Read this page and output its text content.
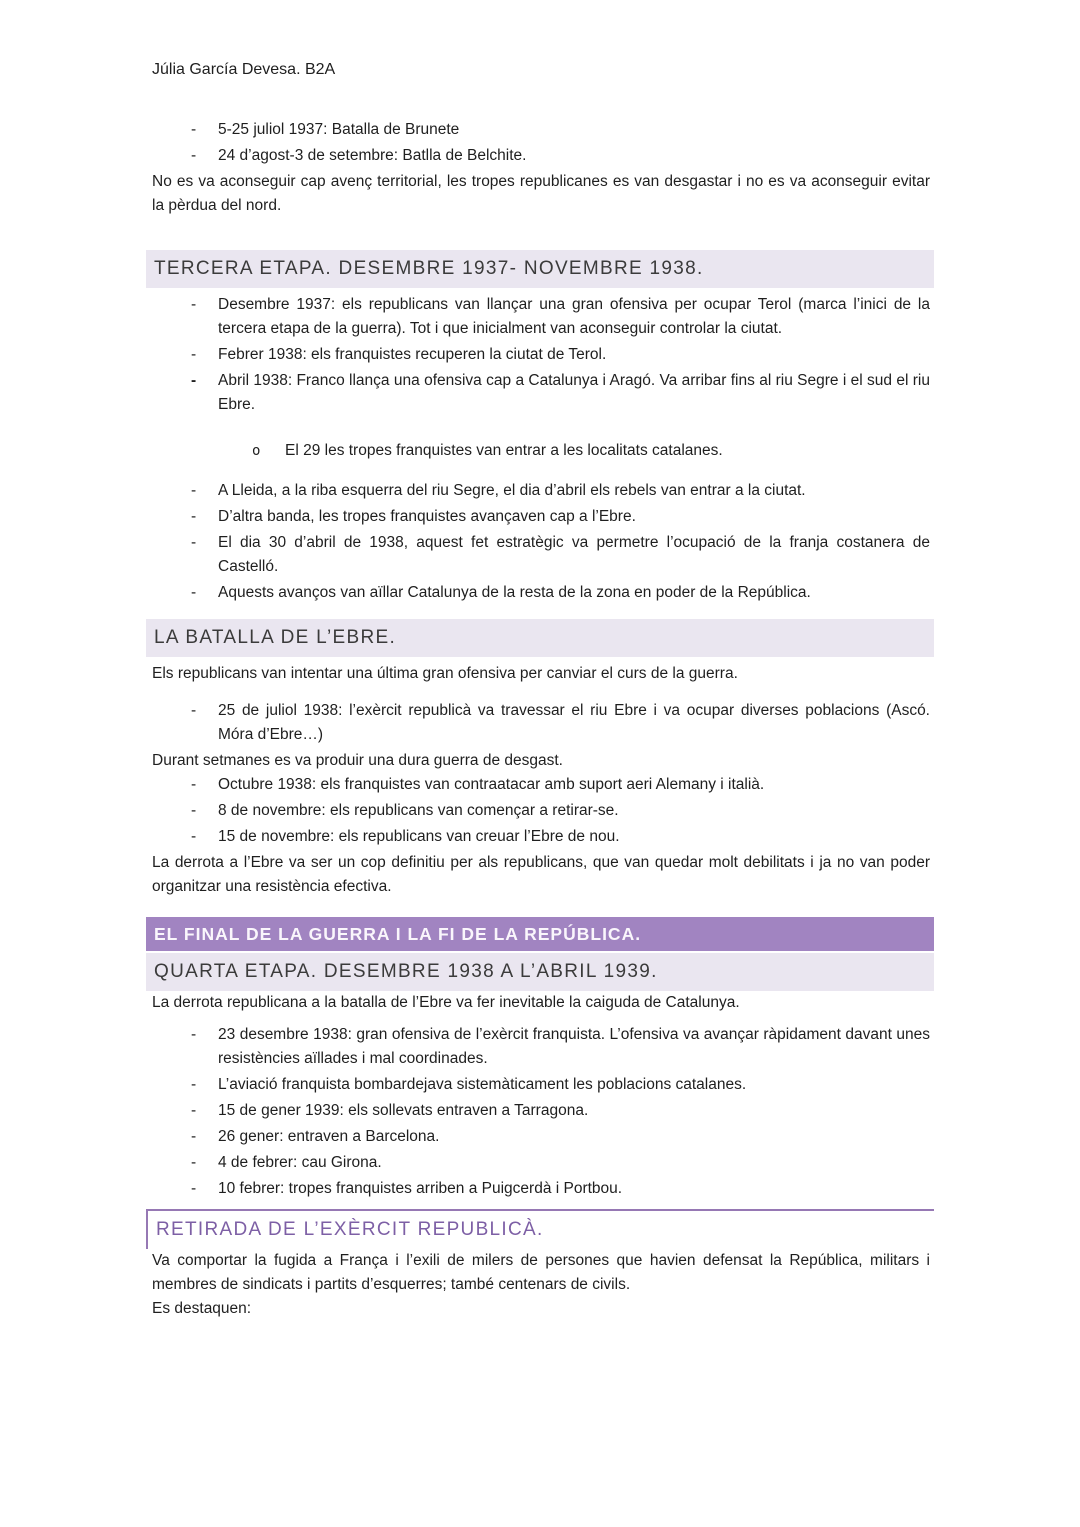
Júlia García Devesa. B2A

-	5-25 juliol 1937: Batalla de Brunete
-	24 d’agost-3 de setembre: Batlla de Belchite.

No es va aconseguir cap avenç territorial, les tropes republicanes es van desgastar i no es va aconseguir evitar la pèrdua del nord.

TERCERA ETAPA. DESEMBRE 1937- NOVEMBRE 1938.
-	Desembre 1937: els republicans van llançar una gran ofensiva per ocupar Terol (marca l’inici de la tercera etapa de la guerra). Tot i que inicialment van aconseguir controlar la ciutat.
-	Febrer 1938: els franquistes recuperen la ciutat de Terol.
-	Abril 1938: Franco llança una ofensiva cap a Catalunya i Aragó. Va arribar fins al riu Segre i el sud el riu Ebre.
o	El 29 les tropes franquistes van entrar a les localitats catalanes.
-	A Lleida, a la riba esquerra del riu Segre, el dia d’abril els rebels van entrar a la ciutat.
-	D’altra banda, les tropes franquistes avançaven cap a l’Ebre.
-	El dia 30 d’abril de 1938, aquest fet estratègic va permetre l’ocupació de la franja costanera de Castelló.
-	Aquests avanços van aïllar Catalunya de la resta de la zona en poder de la República.
LA BATALLA DE L’EBRE.

Els republicans van intentar una última gran ofensiva per canviar el curs de la guerra.

-	25 de juliol 1938: l’exèrcit republicà va travessar el riu Ebre i va ocupar diverses poblacions (Ascó. Móra d’Ebre…)

Durant setmanes es va produir una dura guerra de desgast.

-	Octubre 1938: els franquistes van contraatacar amb suport aeri Alemany i italià.
-	8 de novembre: els republicans van començar a retirar-se.
-	15 de novembre: els republicans van creuar l’Ebre de nou.

La derrota a l’Ebre va ser un cop definitiu per als republicans, que van quedar molt debilitats i ja no van poder organitzar una resistència efectiva.

EL FINAL DE LA GUERRA I LA FI DE LA REPÚBLICA.
QUARTA ETAPA. DESEMBRE 1938 A L’ABRIL 1939.

La derrota republicana a la batalla de l’Ebre va fer inevitable la caiguda de Catalunya.

-	23 desembre 1938: gran ofensiva de l’exèrcit franquista. L’ofensiva va avançar ràpidament davant unes resistències aïllades i mal coordinades.
-	L’aviació franquista bombardejava sistemàticament les poblacions catalanes.
-	15 de gener 1939: els sollevats entraven a Tarragona.
-	26 gener: entraven a Barcelona.
-	4 de febrer: cau Girona.
-	10 febrer: tropes franquistes arriben a Puigcerdà i Portbou.
RETIRADA DE L’EXÈRCIT REPUBLICÀ.

Va comportar la fugida a França i l’exili de milers de persones que havien defensat la República, militars i membres de sindicats i partits d’esquerres; també centenars de civils.

Es destaquen:
